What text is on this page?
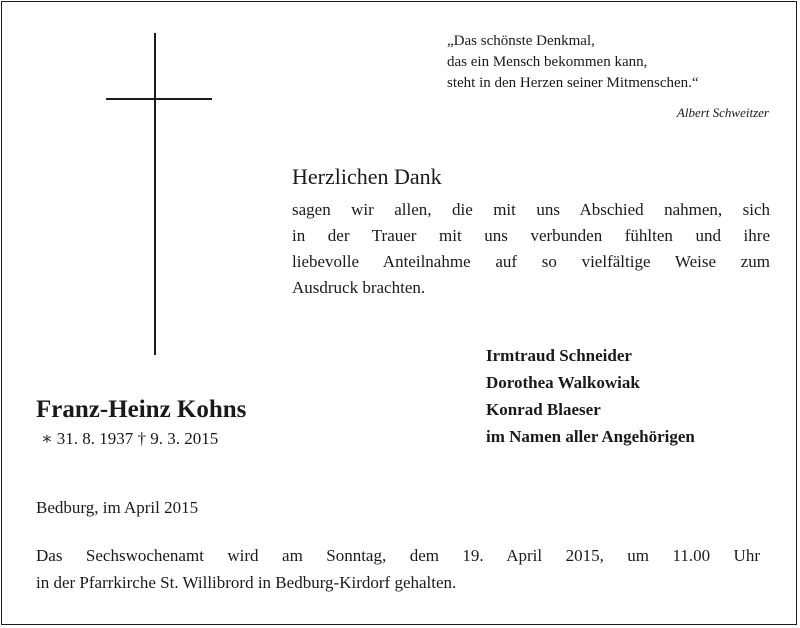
„Das schönste Denkmal,
das ein Mensch bekommen kann,
steht in den Herzen seiner Mitmenschen.“
Albert Schweitzer
Herzlichen Dank
sagen wir allen, die mit uns Abschied nahmen, sich
in der Trauer mit uns verbunden fühlten und ihre
liebevolle Anteilnahme auf so vielfältige Weise zum
Ausdruck brachten.
Irmtraud Schneider
Dorothea Walkowiak
Konrad Blaeser
im Namen aller Angehörigen
Franz-Heinz Kohns
∗ 31. 8. 1937 † 9. 3. 2015
Bedburg, im April 2015
Das Sechswochenamt wird am Sonntag, dem 19. April 2015, um 11.00 Uhr
in der Pfarrkirche St. Willibrord in Bedburg-Kirdorf gehalten.
